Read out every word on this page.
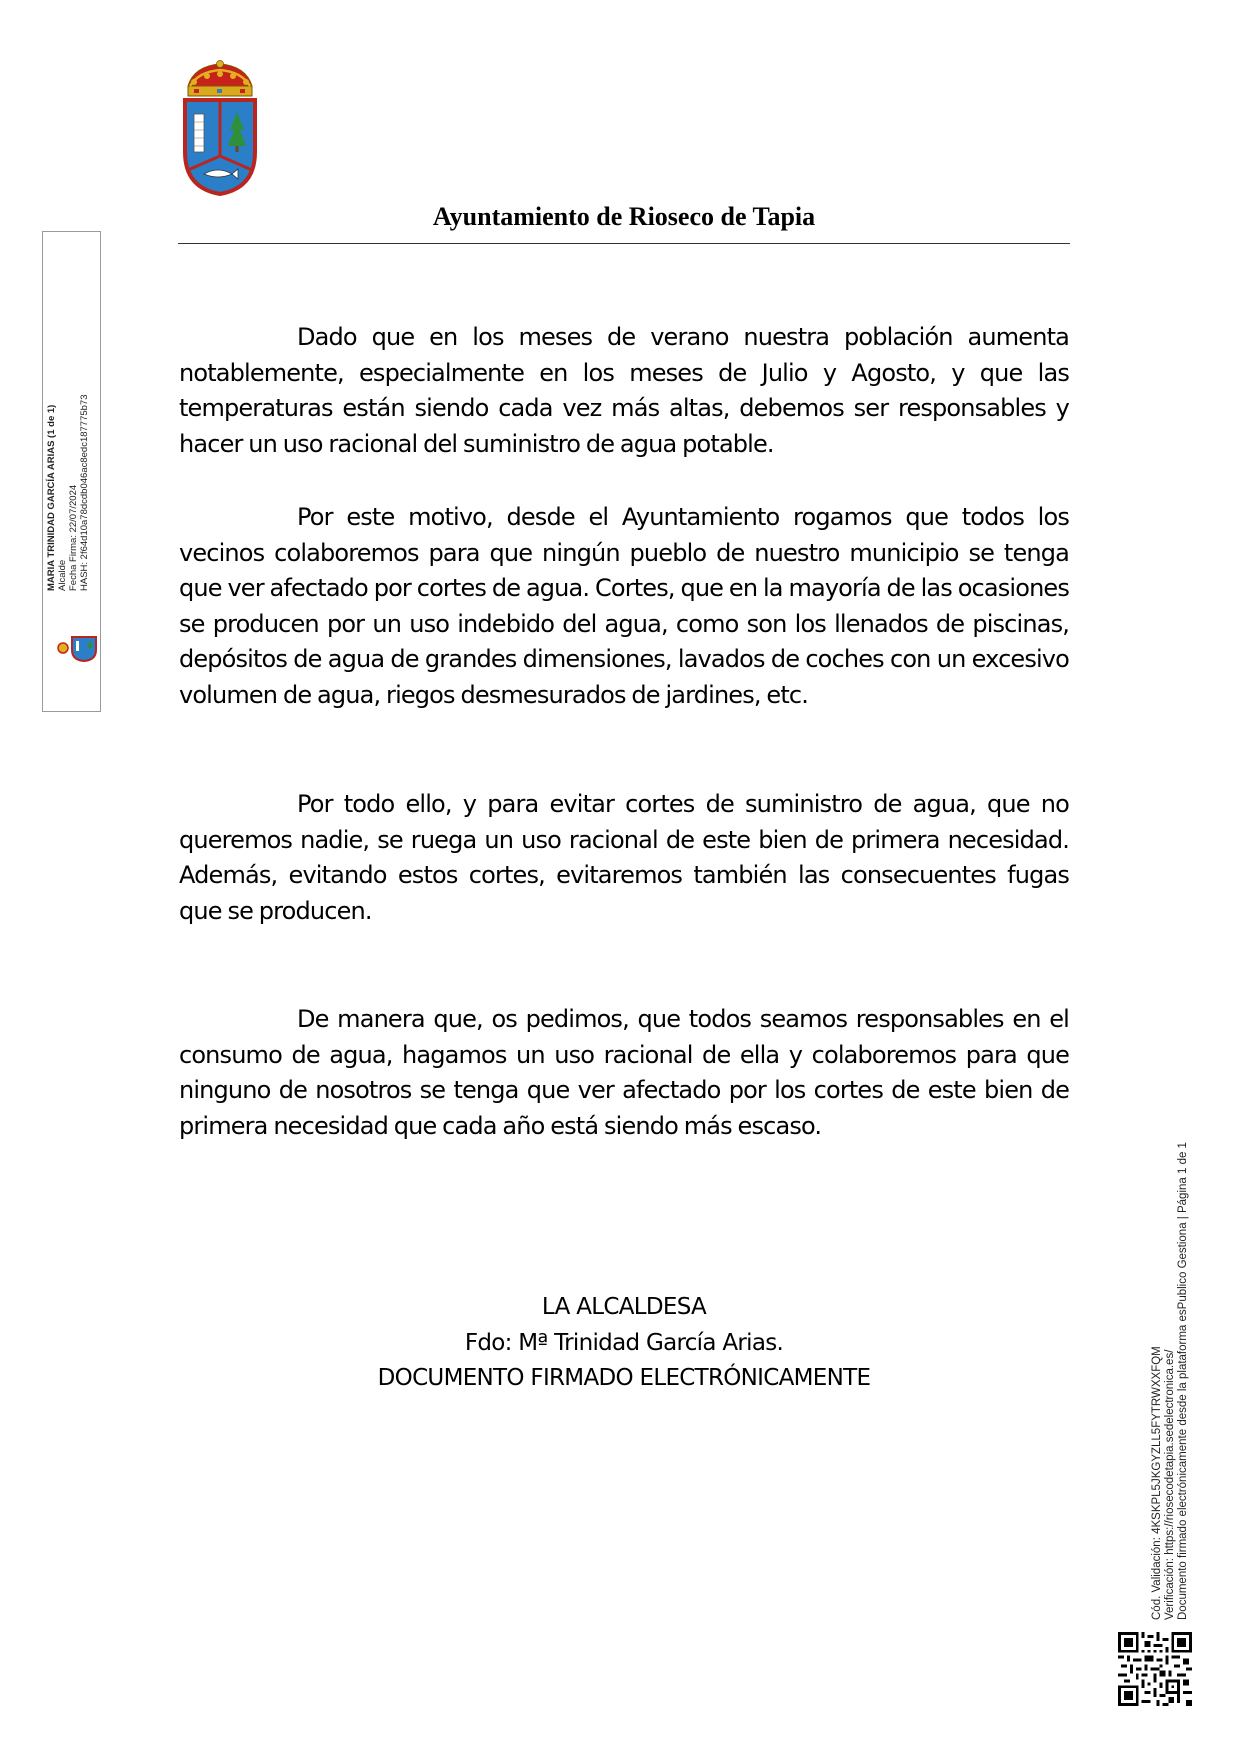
Ayuntamiento de Rioseco de Tapia

Dado que en los meses de verano nuestra población aumenta notablemente, especialmente en los meses de Julio y Agosto, y que las temperaturas están siendo cada vez más altas, debemos ser responsables y hacer un uso racional del suministro de agua potable.

Por este motivo, desde el Ayuntamiento rogamos que todos los vecinos colaboremos para que ningún pueblo de nuestro municipio se tenga que ver afectado por cortes de agua. Cortes, que en la mayoría de las ocasiones se producen por un uso indebido del agua, como son los llenados de piscinas, depósitos de agua de grandes dimensiones, lavados de coches con un excesivo volumen de agua, riegos desmesurados de jardines, etc.

Por todo ello, y para evitar cortes de suministro de agua, que no queremos nadie, se ruega un uso racional de este bien de primera necesidad. Además, evitando estos cortes, evitaremos también las consecuentes fugas que se producen.

De manera que, os pedimos, que todos seamos responsables en el consumo de agua, hagamos un uso racional de ella y colaboremos para que ninguno de nosotros se tenga que ver afectado por los cortes de este bien de primera necesidad que cada año está siendo más escaso.

LA ALCALDESA
Fdo: Mª Trinidad García Arias.
DOCUMENTO FIRMADO ELECTRÓNICAMENTE
MARIA TRINIDAD GARCÍA ARIAS (1 de 1) Alcalde Fecha Firma: 22/07/2024 HASH: 2f64d10a78dcdb046ac8edc187775b73
Cód. Validación: 4KSKPL5JKGYZLL5FYTRWXXFQM Verificación: https://riosecodetapia.sedelectronica.es/ Documento firmado electrónicamente desde la plataforma esPublico Gestiona | Página 1 de 1
